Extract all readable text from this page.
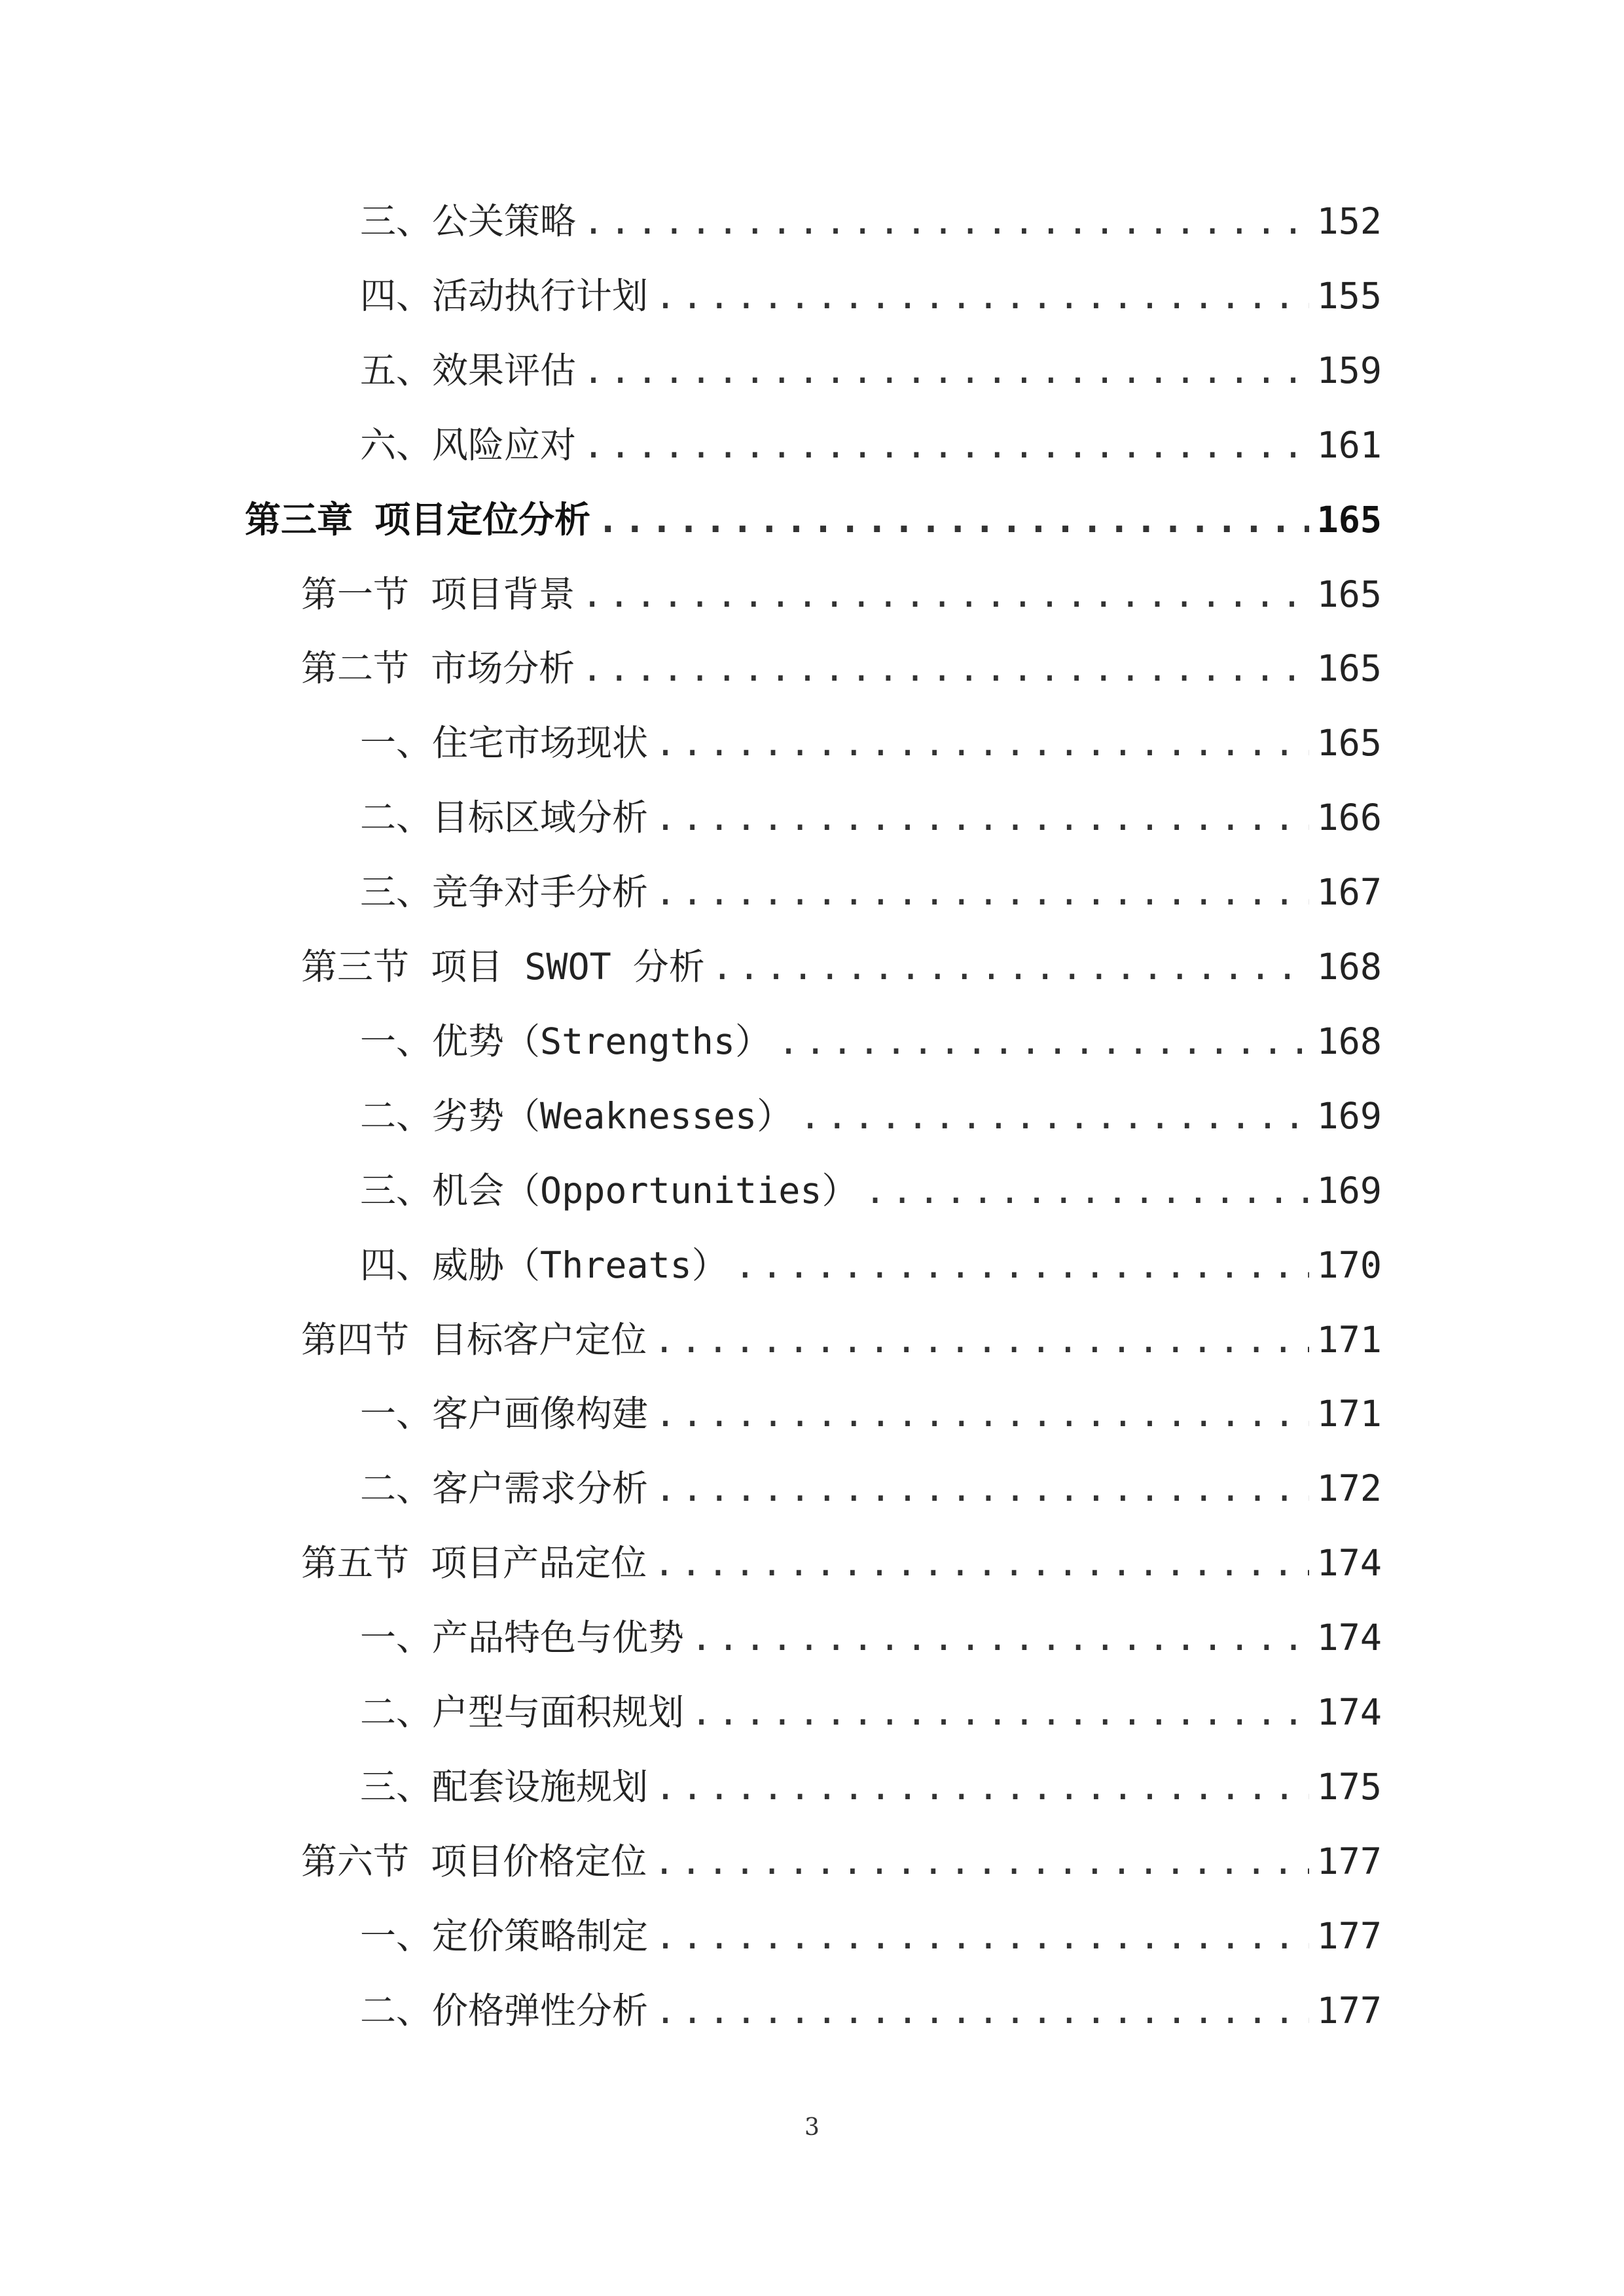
三、公关策略 .....	152
四、活动执行计划 .....	155
五、效果评估 .....	159
六、风险应对 .....	161
第三章 项目定位分析 .....	165
第一节 项目背景 .....	165
第二节 市场分析 .....	165
一、住宅市场现状 .....	165
二、目标区域分析 .....	166
三、竞争对手分析 .....	167
第三节 项目 SWOT 分析 .....	168
一、优势（Strengths） .....	168
二、劣势（Weaknesses） .....	169
三、机会（Opportunities） .....	169
四、威胁（Threats） .....	170
第四节 目标客户定位 .....	171
一、客户画像构建 .....	171
二、客户需求分析 .....	172
第五节 项目产品定位 .....	174
一、产品特色与优势 .....	174
二、户型与面积规划 .....	174
三、配套设施规划 .....	175
第六节 项目价格定位 .....	177
一、定价策略制定 .....	177
二、价格弹性分析 .....	177
3
